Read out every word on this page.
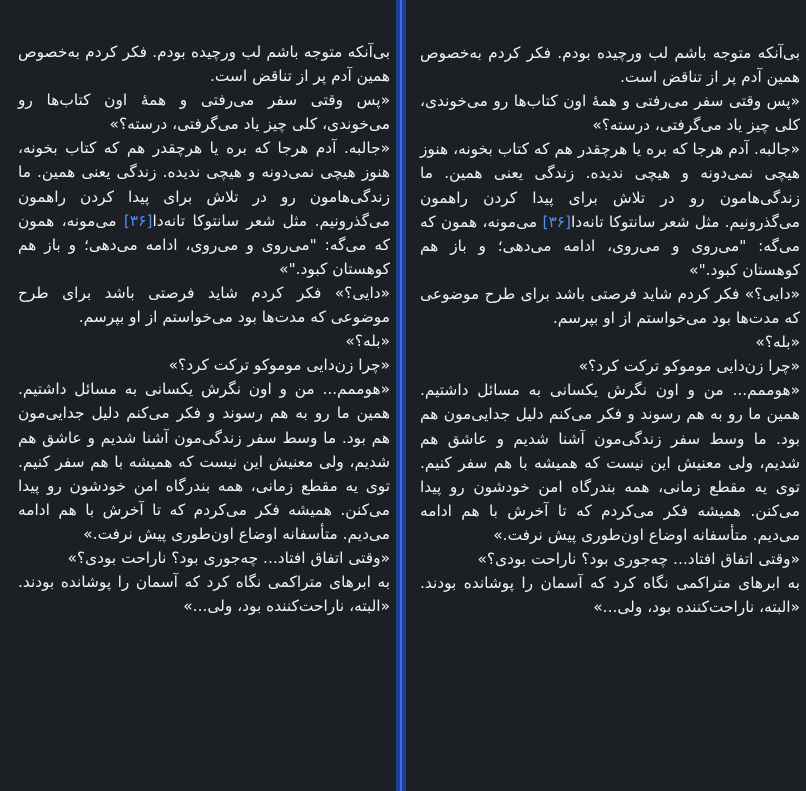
بی‌آنکه متوجه باشم لب ورچیده بودم. فکر کردم به‌خصوص همین آدم پر از تناقض است.

«پس وقتی سفر می‌رفتی و همهٔ اون کتاب‌ها رو می‌خوندی، کلی چیز یاد می‌گرفتی، درسته؟»

«جالبه. آدم هرجا که بره یا هرچقدر هم که کتاب بخونه، هنوز هیچی نمی‌دونه و هیچی ندیده. زندگی یعنی همین. ما زندگی‌هامون رو در تلاش برای پیدا کردن راهمون می‌گذرونیم. مثل شعر سانتوکا تانه‌دا[۳۶] می‌مونه، همون که می‌گه: "می‌روی و می‌روی، ادامه می‌دهی؛ و باز هم کوهستان کبود."»

«دایی؟» فکر کردم شاید فرصتی باشد برای طرح موضوعی که مدت‌ها بود می‌خواستم از او بپرسم.

«بله؟»

«چرا زن‌دایی موموکو ترکت کرد؟»

«هوممم... من و اون نگرش یکسانی به مسائل داشتیم. همین ما رو به هم رسوند و فکر می‌کنم دلیل جدایی‌مون هم بود. ما وسط سفر زندگی‌مون آشنا شدیم و عاشق هم شدیم، ولی معنیش این نیست که همیشه با هم سفر کنیم. توی یه مقطع زمانی، همه بندرگاه امن خودشون رو پیدا می‌کنن. همیشه فکر می‌کردم که تا آخرش با هم ادامه می‌دیم. متأسفانه اوضاع اون‌طوری پیش نرفت.»

«وقتی اتفاق افتاد... چه‌جوری بود؟ ناراحت بودی؟»

به ابرهای متراکمی نگاه کرد که آسمان را پوشانده بودند. «البته، ناراحت‌کننده بود، ولی...»

بی‌آنکه متوجه باشم لب ورچیده بودم. فکر کردم به‌خصوص همین آدم پر از تناقض است.

«پس وقتی سفر می‌رفتی و همهٔ اون کتاب‌ها رو می‌خوندی، کلی چیز یاد می‌گرفتی، درسته؟»

«جالبه. آدم هرجا که بره یا هرچقدر هم که کتاب بخونه، هنوز هیچی نمی‌دونه و هیچی ندیده. زندگی یعنی همین. ما زندگی‌هامون رو در تلاش برای پیدا کردن راهمون می‌گذرونیم. مثل شعر سانتوکا تانه‌دا[۳۶] می‌مونه، همون که می‌گه: "می‌روی و می‌روی، ادامه می‌دهی؛ و باز هم کوهستان کبود."»

«دایی؟» فکر کردم شاید فرصتی باشد برای طرح موضوعی که مدت‌ها بود می‌خواستم از او بپرسم.

«بله؟»

«چرا زن‌دایی موموکو ترکت کرد؟»

«هوممم... من و اون نگرش یکسانی به مسائل داشتیم. همین ما رو به هم رسوند و فکر می‌کنم دلیل جدایی‌مون هم بود. ما وسط سفر زندگی‌مون آشنا شدیم و عاشق هم شدیم، ولی معنیش این نیست که همیشه با هم سفر کنیم. توی یه مقطع زمانی، همه بندرگاه امن خودشون رو پیدا می‌کنن. همیشه فکر می‌کردم که تا آخرش با هم ادامه می‌دیم. متأسفانه اوضاع اون‌طوری پیش نرفت.»

«وقتی اتفاق افتاد... چه‌جوری بود؟ ناراحت بودی؟»

به ابرهای متراکمی نگاه کرد که آسمان را پوشانده بودند. «البته، ناراحت‌کننده بود، ولی...»
